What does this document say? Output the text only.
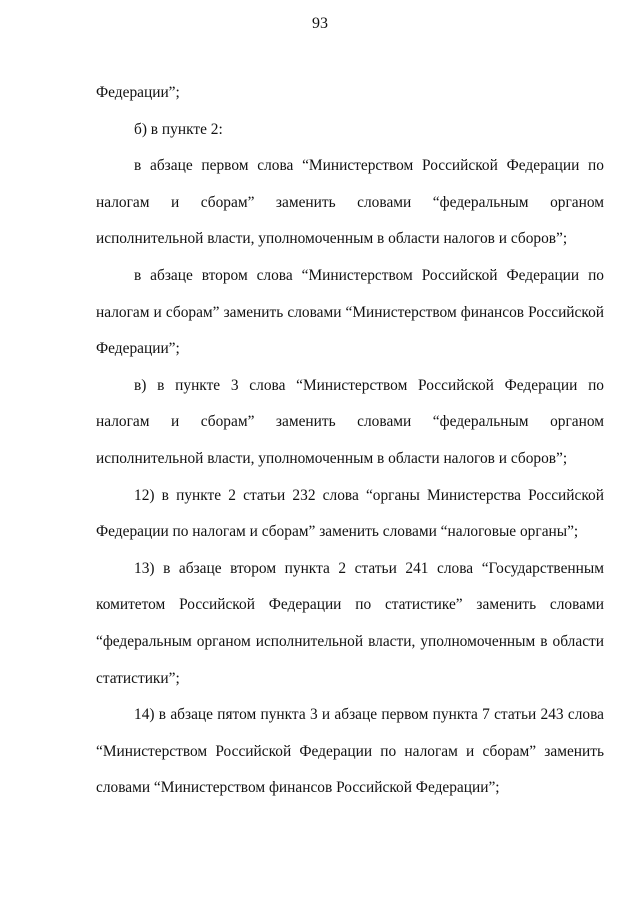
93

Федерации”;

б) в пункте 2:

в абзаце первом слова “Министерством Российской Федерации по налогам и сборам” заменить словами “федеральным органом исполнительной власти, уполномоченным в области налогов и сборов”;

в абзаце втором слова “Министерством Российской Федерации по налогам и сборам” заменить словами “Министерством финансов Российской Федерации”;

в) в пункте 3 слова “Министерством Российской Федерации по налогам и сборам” заменить словами “федеральным органом исполнительной власти, уполномоченным в области налогов и сборов”;

12) в пункте 2 статьи 232 слова “органы Министерства Российской Федерации по налогам и сборам” заменить словами “налоговые органы”;

13) в абзаце втором пункта 2 статьи 241 слова “Государственным комитетом Российской Федерации по статистике” заменить словами “федеральным органом исполнительной власти, уполномоченным в области статистики”;

14) в абзаце пятом пункта 3 и абзаце первом пункта 7 статьи 243 слова “Министерством Российской Федерации по налогам и сборам” заменить словами “Министерством финансов Российской Федерации”;
